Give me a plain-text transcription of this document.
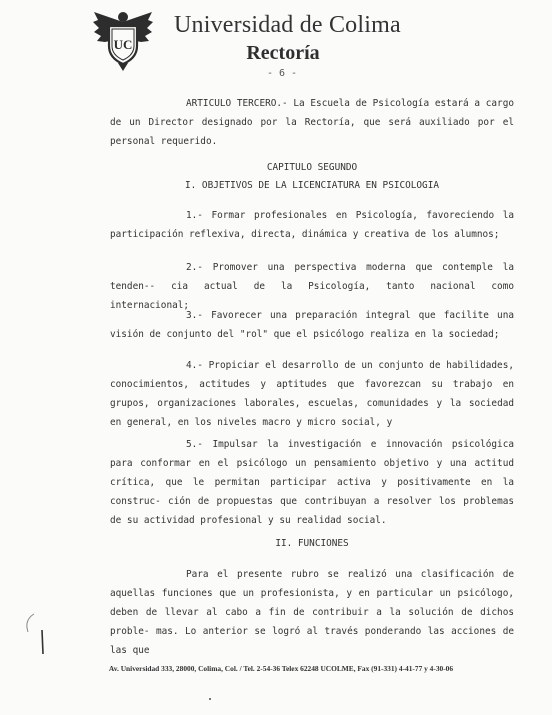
UC
Universidad de Colima
Rectoría
- 6 -

ARTICULO TERCERO.- La Escuela de Psicología estará a cargo de un Director designado por la Rectoría, que será auxiliado por el personal requerido.

CAPITULO SEGUNDO

I. OBJETIVOS DE LA LICENCIATURA EN PSICOLOGIA

1.- Formar profesionales en Psicología, favoreciendo la participación reflexiva, directa, dinámica y creativa de los alumnos;

2.- Promover una perspectiva moderna que contemple la tenden-- cia actual de la Psicología, tanto nacional como internacional;

3.- Favorecer una preparación integral que facilite una visión de conjunto del "rol" que el psicólogo realiza en la sociedad;

4.- Propiciar el desarrollo de un conjunto de habilidades, conocimientos, actitudes y aptitudes que favorezcan su trabajo en grupos, organizaciones laborales, escuelas, comunidades y la sociedad en general, en los niveles macro y micro social, y

5.- Impulsar la investigación e innovación psicológica para conformar en el psicólogo un pensamiento objetivo y una actitud crítica, que le permitan participar activa y positivamente en la construc- ción de propuestas que contribuyan a resolver los problemas de su actividad profesional y su realidad social.

II. FUNCIONES

Para el presente rubro se realizó una clasificación de aquellas funciones que un profesionista, y en particular un psicólogo, deben de llevar al cabo a fin de contribuir a la solución de dichos proble- mas. Lo anterior se logró al través ponderando las acciones de las que

Av. Universidad 333, 28000, Colima, Col. / Tel. 2-54-36 Telex 62248 UCOLME, Fax (91-331) 4-41-77 y 4-30-06
